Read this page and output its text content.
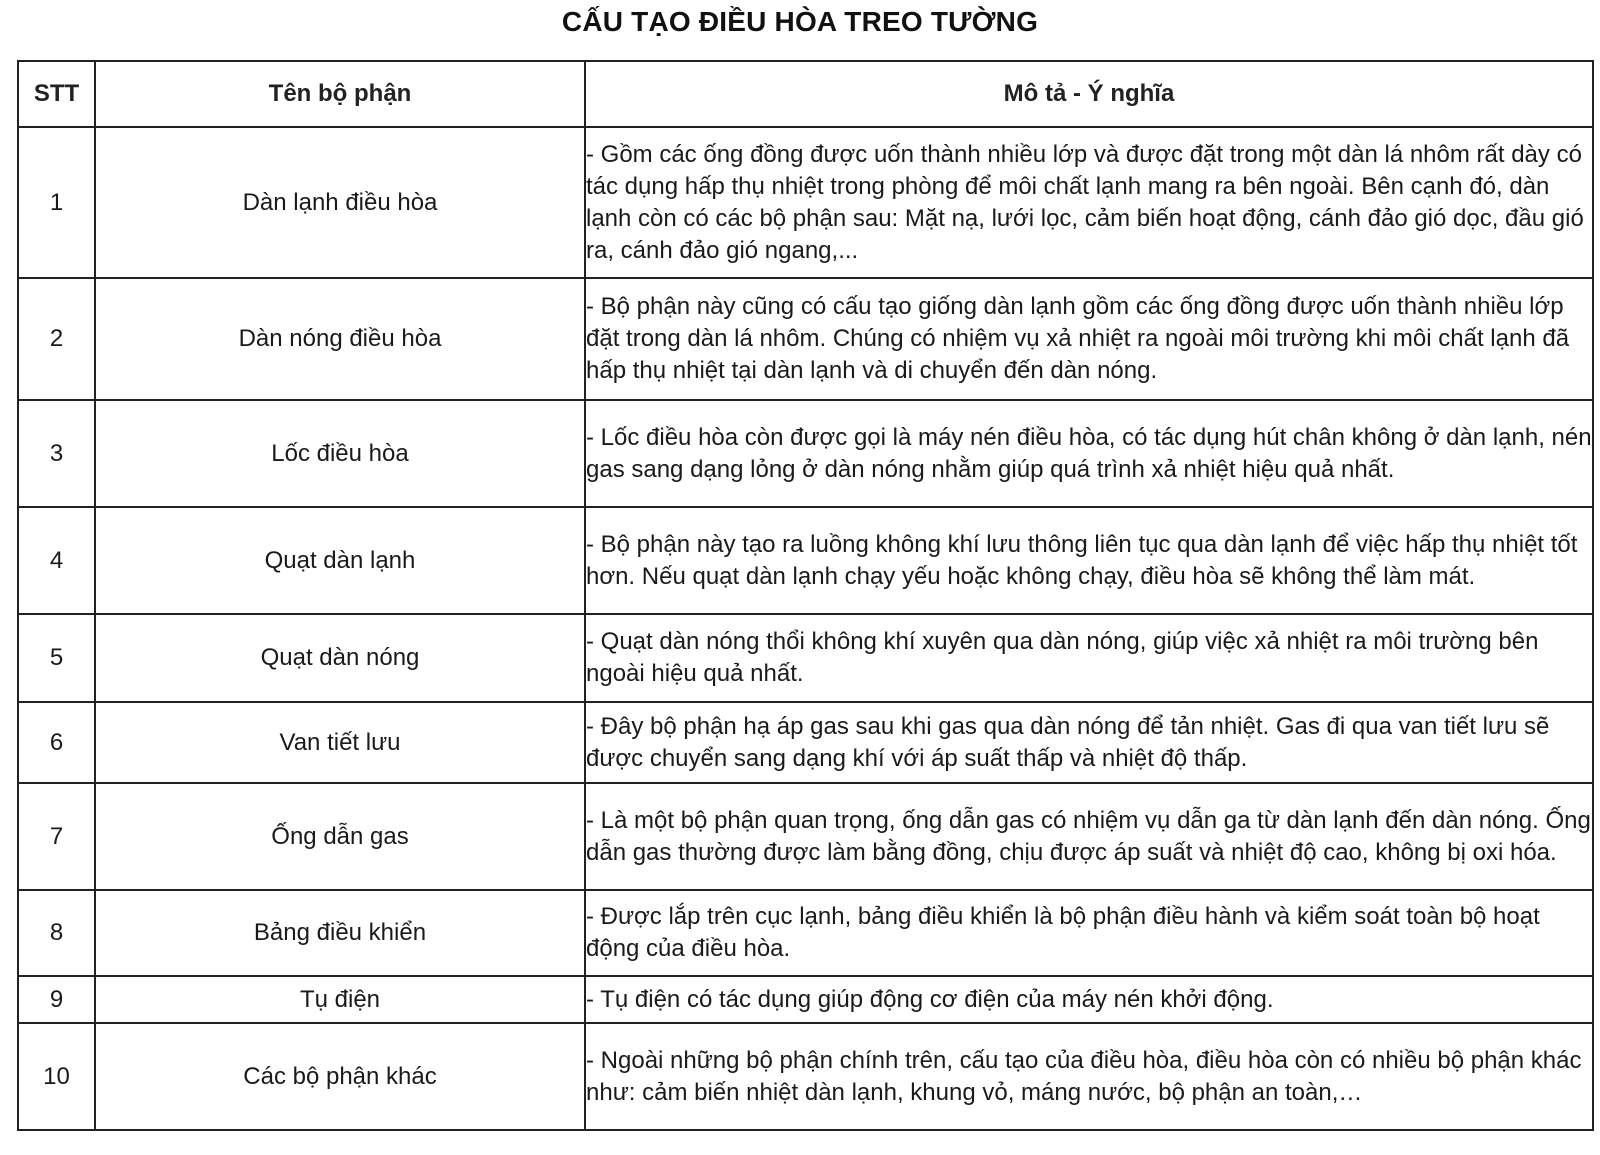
CẤU TẠO ĐIỀU HÒA TREO TƯỜNG
STT	Tên bộ phận	Mô tả - Ý nghĩa
1	Dàn lạnh điều hòa	- Gồm các ống đồng được uốn thành nhiều lớp và được đặt trong một dàn lá nhôm rất dày có tác dụng hấp thụ nhiệt trong phòng để môi chất lạnh mang ra bên ngoài. Bên cạnh đó, dàn lạnh còn có các bộ phận sau: Mặt nạ, lưới lọc, cảm biến hoạt động, cánh đảo gió dọc, đầu gió ra, cánh đảo gió ngang,...
2	Dàn nóng điều hòa	- Bộ phận này cũng có cấu tạo giống dàn lạnh gồm các ống đồng được uốn thành nhiều lớp đặt trong dàn lá nhôm. Chúng có nhiệm vụ xả nhiệt ra ngoài môi trường khi môi chất lạnh đã hấp thụ nhiệt tại dàn lạnh và di chuyển đến dàn nóng.
3	Lốc điều hòa	- Lốc điều hòa còn được gọi là máy nén điều hòa, có tác dụng hút chân không ở dàn lạnh, nén gas sang dạng lỏng ở dàn nóng nhằm giúp quá trình xả nhiệt hiệu quả nhất.
4	Quạt dàn lạnh	- Bộ phận này tạo ra luồng không khí lưu thông liên tục qua dàn lạnh để việc hấp thụ nhiệt tốt hơn. Nếu quạt dàn lạnh chạy yếu hoặc không chạy, điều hòa sẽ không thể làm mát.
5	Quạt dàn nóng	- Quạt dàn nóng thổi không khí xuyên qua dàn nóng, giúp việc xả nhiệt ra môi trường bên ngoài hiệu quả nhất.
6	Van tiết lưu	- Đây bộ phận hạ áp gas sau khi gas qua dàn nóng để tản nhiệt. Gas đi qua van tiết lưu sẽ được chuyển sang dạng khí với áp suất thấp và nhiệt độ thấp.
7	Ống dẫn gas	- Là một bộ phận quan trọng, ống dẫn gas có nhiệm vụ dẫn ga từ dàn lạnh đến dàn nóng. Ống dẫn gas thường được làm bằng đồng, chịu được áp suất và nhiệt độ cao, không bị oxi hóa.
8	Bảng điều khiển	- Được lắp trên cục lạnh, bảng điều khiển là bộ phận điều hành và kiểm soát toàn bộ hoạt động của điều hòa.
9	Tụ điện	- Tụ điện có tác dụng giúp động cơ điện của máy nén khởi động.
10	Các bộ phận khác	- Ngoài những bộ phận chính trên, cấu tạo của điều hòa, điều hòa còn có nhiều bộ phận khác như: cảm biến nhiệt dàn lạnh, khung vỏ, máng nước, bộ phận an toàn,…
